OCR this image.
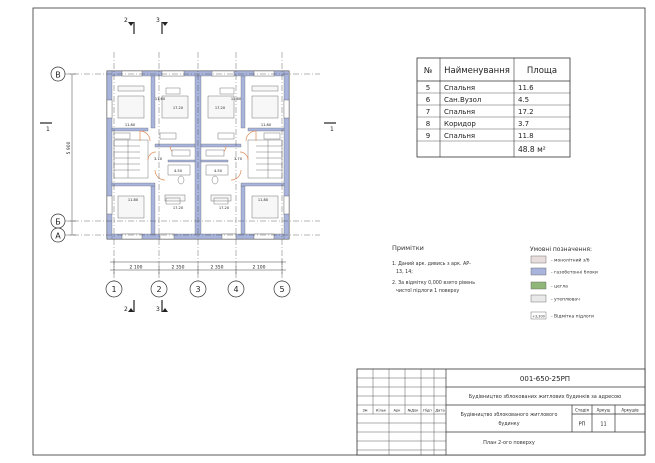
11.80	11.80
11.80	11.80
17.20	17.20
17.20	17.20
3.70	3.70
4.50	4.50
11.60	11.60
В
Б
А
1	2	3	4	5
2 100	2 350	2 350	2 100
5 900
2	3
2	3
1	1
№ Найменування Площа
5 Спальня	11.6
6 Сан.Вузол	4.5
7 Спальня	17.2
8 Коридор	3.7
9 Спальня	11.8
48.8 м²
Примітки
1. Даний арк. дивись з арк. АР-
13, 14;
2. За відмітку 0,000 взято рівень
чистої підлоги 1 поверху
Умовні позначення:
- монолітний з/б
- газобетонні блоки
- цегла
- утеплювач
+3,300 - Відмітка підлоги
Зм Кільк Арк №Док Підп Дата
001-650-25РП
Будівництво зблокованих житлових будинків за адресою
Будівництво зблокованого житлового
будинку
Стадія Аркуш	Аркушів
РП	11
План 2-ого поверху
